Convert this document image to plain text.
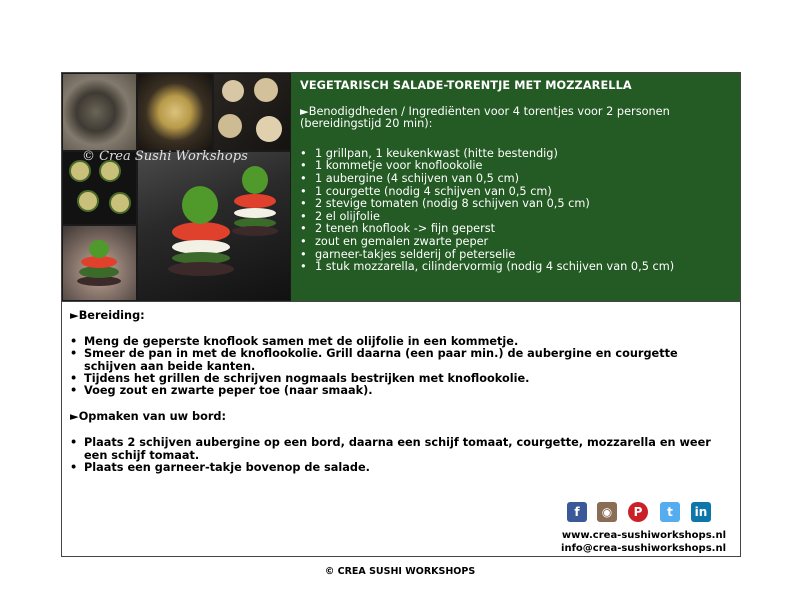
© Crea Sushi Workshops
VEGETARISCH SALADE-TORENTJE MET MOZZARELLA
►Benodigdheden / Ingrediënten voor 4 torentjes voor 2 personen (bereidingstijd 20 min):
• 1 grillpan, 1 keukenkwast (hitte bestendig)
• 1 kommetje voor knoflookolie
• 1 aubergine (4 schijven van 0,5 cm)
• 1 courgette (nodig 4 schijven van 0,5 cm)
• 2 stevige tomaten (nodig 8 schijven van 0,5 cm)
• 2 el olijfolie
• 2 tenen knoflook -> fijn geperst
• zout en gemalen zwarte peper
• garneer-takjes selderij of peterselie
• 1 stuk mozzarella, cilindervormig (nodig 4 schijven van 0,5 cm)
►Bereiding:
• Meng de geperste knoflook samen met de olijfolie in een kommetje.
• Smeer de pan in met de knoflookolie. Grill daarna (een paar min.) de aubergine en courgette schijven aan beide kanten.
• Tijdens het grillen de schrijven nogmaals bestrijken met knoflookolie.
• Voeg zout en zwarte peper toe (naar smaak).
►Opmaken van uw bord:
• Plaats 2 schijven aubergine op een bord, daarna een schijf tomaat, courgette, mozzarella en weer een schijf tomaat.
• Plaats een garneer-takje bovenop de salade.
f	◉	P	t	in
www.crea-sushiworkshops.nl
info@crea-sushiworkshops.nl
© CREA SUSHI WORKSHOPS
